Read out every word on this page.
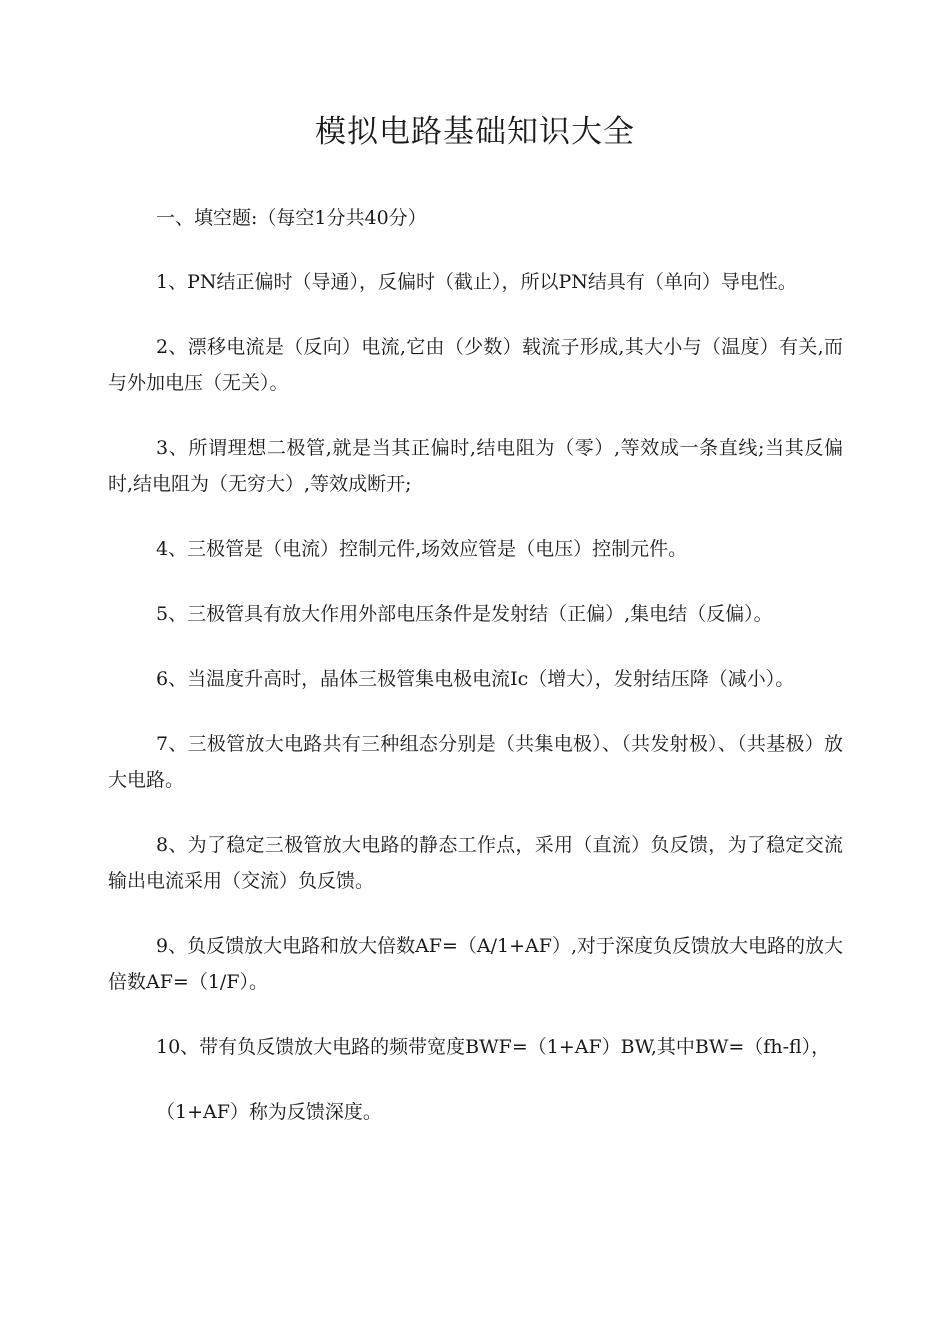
模拟电路基础知识大全

一、填空题:（每空1分共40分）

1、PN结正偏时（导通），反偏时（截止），所以PN结具有（单向）导电性。

2、漂移电流是（反向）电流,它由（少数）载流子形成,其大小与（温度）有关,而与外加电压（无关）。

3、所谓理想二极管,就是当其正偏时,结电阻为（零）,等效成一条直线;当其反偏时,结电阻为（无穷大）,等效成断开;

4、三极管是（电流）控制元件,场效应管是（电压）控制元件。

5、三极管具有放大作用外部电压条件是发射结（正偏）,集电结（反偏）。

6、当温度升高时，晶体三极管集电极电流Ic（增大），发射结压降（减小）。

7、三极管放大电路共有三种组态分别是（共集电极）、（共发射极）、（共基极）放大电路。

8、为了稳定三极管放大电路的静态工作点，采用（直流）负反馈，为了稳定交流输出电流采用（交流）负反馈。

9、负反馈放大电路和放大倍数AF=（A/1+AF）,对于深度负反馈放大电路的放大倍数AF=（1/F）。

10、带有负反馈放大电路的频带宽度BWF=（1+AF）BW,其中BW=（fh-fl），

（1+AF）称为反馈深度。
